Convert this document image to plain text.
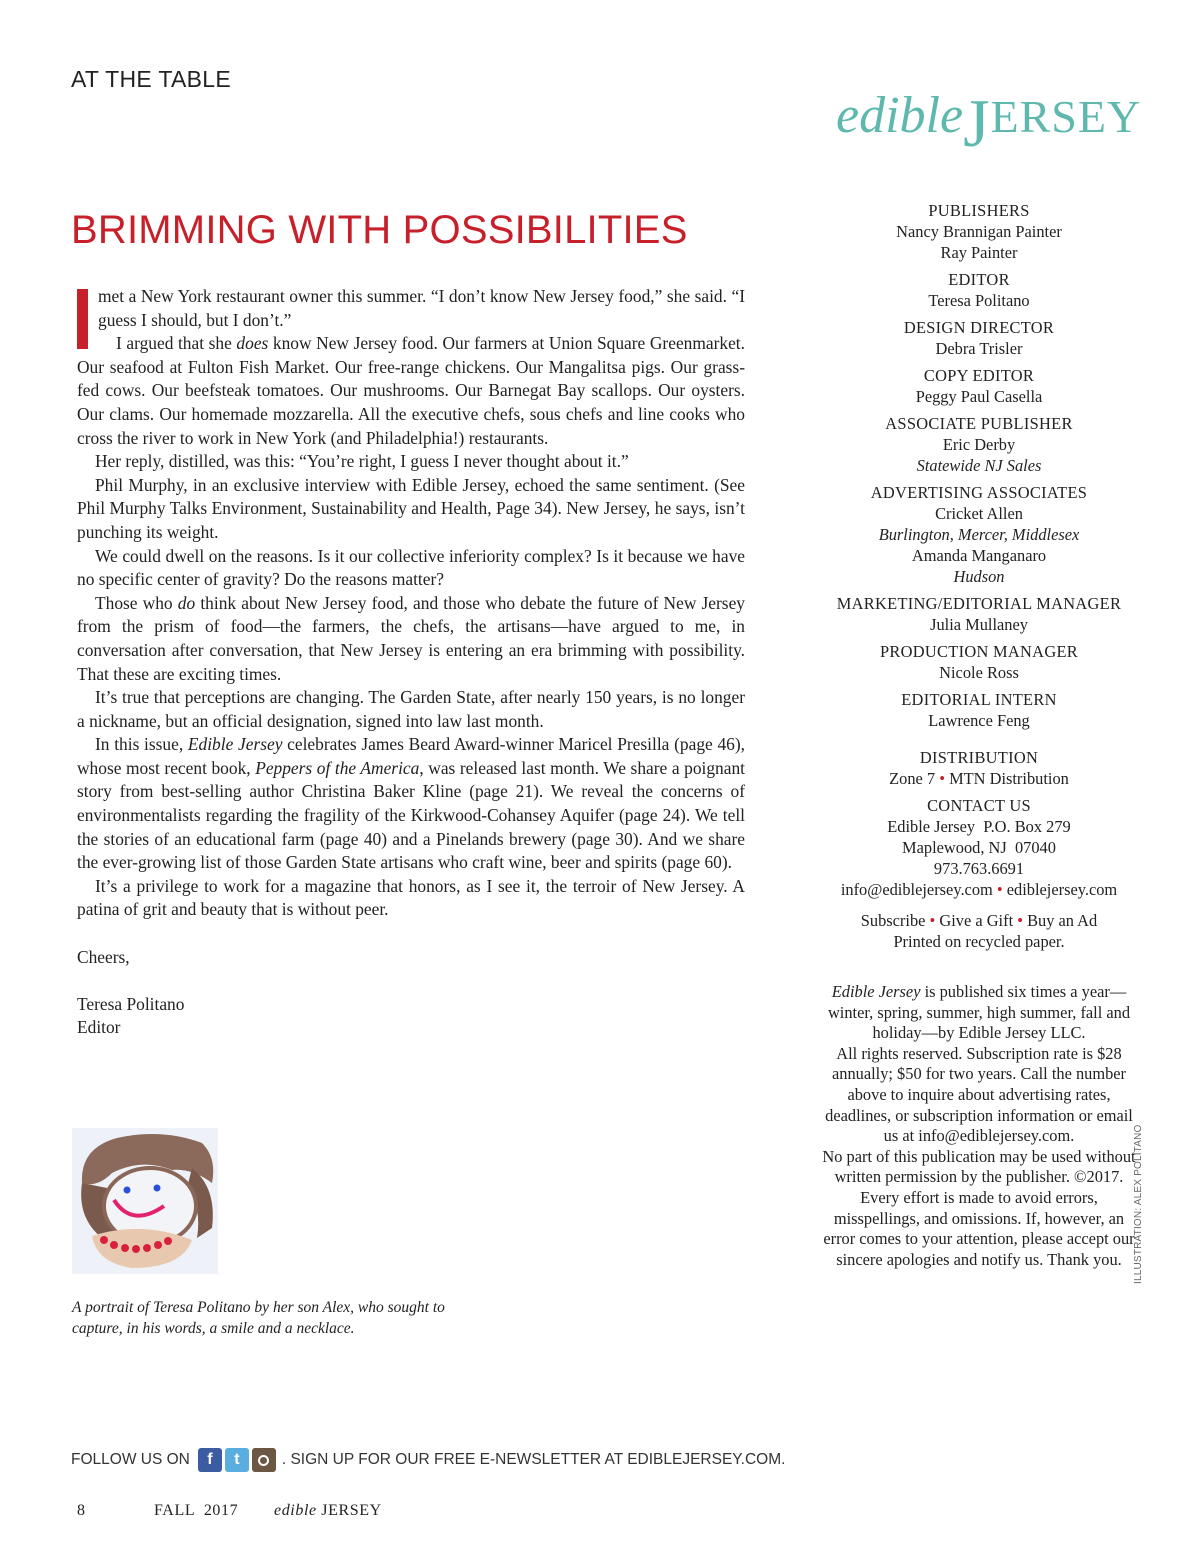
AT THE TABLE
edibleJERSEY
BRIMMING WITH POSSIBILITIES

met a New York restaurant owner this summer. “I don’t know New Jersey food,” she said. “I guess I should, but I don’t.”

I argued that she does know New Jersey food. Our farmers at Union Square Greenmarket. Our seafood at Fulton Fish Market. Our free-range chickens. Our Mangalitsa pigs. Our grass-fed cows. Our beefsteak tomatoes. Our mushrooms. Our Barnegat Bay scallops. Our oysters. Our clams. Our homemade mozzarella. All the executive chefs, sous chefs and line cooks who cross the river to work in New York (and Philadelphia!) restaurants.

Her reply, distilled, was this: “You’re right, I guess I never thought about it.”

Phil Murphy, in an exclusive interview with Edible Jersey, echoed the same sentiment. (See Phil Murphy Talks Environment, Sustainability and Health, Page 34). New Jersey, he says, isn’t punching its weight.

We could dwell on the reasons. Is it our collective inferiority complex? Is it because we have no specific center of gravity? Do the reasons matter?

Those who do think about New Jersey food, and those who debate the future of New Jersey from the prism of food—the farmers, the chefs, the artisans—have argued to me, in conversation after conversation, that New Jersey is entering an era brimming with possibility. That these are exciting times.

It’s true that perceptions are changing. The Garden State, after nearly 150 years, is no longer a nickname, but an official designation, signed into law last month.

In this issue, Edible Jersey celebrates James Beard Award-winner Maricel Presilla (page 46), whose most recent book, Peppers of the America, was released last month. We share a poignant story from best-selling author Christina Baker Kline (page 21). We reveal the concerns of environmentalists regarding the fragility of the Kirkwood-Cohansey Aquifer (page 24). We tell the stories of an educational farm (page 40) and a Pinelands brewery (page 30). And we share the ever-growing list of those Garden State artisans who craft wine, beer and spirits (page 60).

It’s a privilege to work for a magazine that honors, as I see it, the terroir of New Jersey. A patina of grit and beauty that is without peer.

Cheers,

Teresa Politano

Editor

A portrait of Teresa Politano by her son Alex, who sought to capture, in his words, a smile and a necklace.
PUBLISHERS
Nancy Brannigan Painter
Ray Painter
EDITOR
Teresa Politano
DESIGN DIRECTOR
Debra Trisler
COPY EDITOR
Peggy Paul Casella
ASSOCIATE PUBLISHER
Eric Derby
Statewide NJ Sales
ADVERTISING ASSOCIATES
Cricket Allen
Burlington, Mercer, Middlesex
Amanda Manganaro
Hudson
MARKETING/EDITORIAL MANAGER
Julia Mullaney
PRODUCTION MANAGER
Nicole Ross
EDITORIAL INTERN
Lawrence Feng
DISTRIBUTION
Zone 7 • MTN Distribution
CONTACT US
Edible Jersey  P.O. Box 279
Maplewood, NJ  07040
973.763.6691
info@ediblejersey.com • ediblejersey.com
Subscribe • Give a Gift • Buy an Ad
Printed on recycled paper.
Edible Jersey is published six times a year—winter, spring, summer, high summer, fall and holiday—by Edible Jersey LLC.
All rights reserved. Subscription rate is $28 annually; $50 for two years. Call the number above to inquire about advertising rates, deadlines, or subscription information or email us at info@ediblejersey.com.
No part of this publication may be used without written permission by the publisher. ©2017. Every effort is made to avoid errors, misspellings, and omissions. If, however, an error comes to your attention, please accept our sincere apologies and notify us. Thank you.	ILLUSTRATION: ALEX POLITANO
FOLLOW US ON	f	t	. SIGN UP FOR OUR FREE E-NEWSLETTER AT EDIBLEJERSEY.COM.
8	FALL  2017 edible JERSEY
